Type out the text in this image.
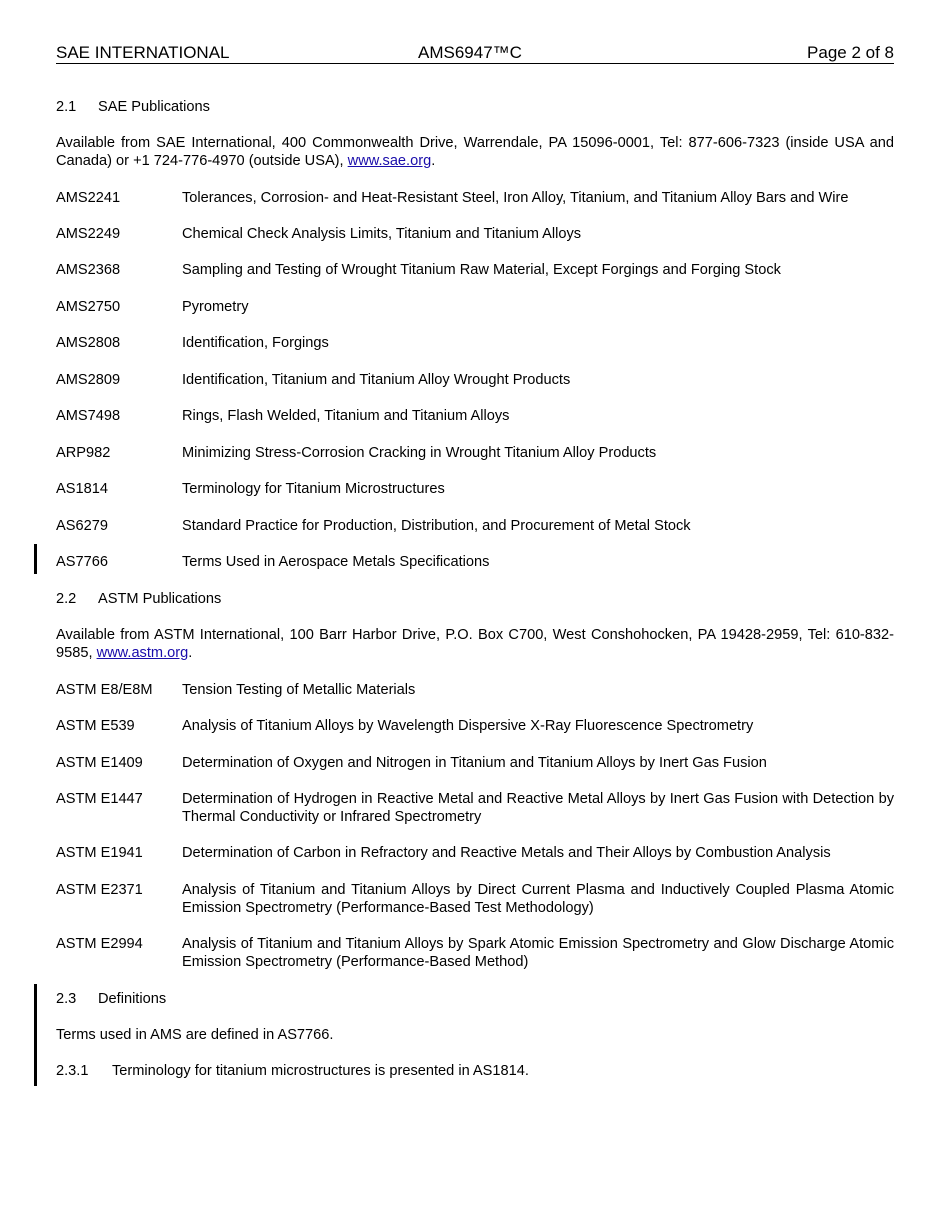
SAE INTERNATIONAL	AMS6947™C	Page 2 of 8
2.1 SAE Publications
Available from SAE International, 400 Commonwealth Drive, Warrendale, PA 15096-0001, Tel: 877-606-7323 (inside USA and Canada) or +1 724-776-4970 (outside USA), www.sae.org.
AMS2241	Tolerances, Corrosion- and Heat-Resistant Steel, Iron Alloy, Titanium, and Titanium Alloy Bars and Wire
AMS2249	Chemical Check Analysis Limits, Titanium and Titanium Alloys
AMS2368	Sampling and Testing of Wrought Titanium Raw Material, Except Forgings and Forging Stock
AMS2750	Pyrometry
AMS2808	Identification, Forgings
AMS2809	Identification, Titanium and Titanium Alloy Wrought Products
AMS7498	Rings, Flash Welded, Titanium and Titanium Alloys
ARP982	Minimizing Stress-Corrosion Cracking in Wrought Titanium Alloy Products
AS1814	Terminology for Titanium Microstructures
AS6279	Standard Practice for Production, Distribution, and Procurement of Metal Stock
AS7766	Terms Used in Aerospace Metals Specifications
2.2 ASTM Publications
Available from ASTM International, 100 Barr Harbor Drive, P.O. Box C700, West Conshohocken, PA 19428-2959, Tel: 610-832-9585, www.astm.org.
ASTM E8/E8M Tension Testing of Metallic Materials
ASTM E539	Analysis of Titanium Alloys by Wavelength Dispersive X-Ray Fluorescence Spectrometry
ASTM E1409	Determination of Oxygen and Nitrogen in Titanium and Titanium Alloys by Inert Gas Fusion
ASTM E1447	Determination of Hydrogen in Reactive Metal and Reactive Metal Alloys by Inert Gas Fusion with Detection by Thermal Conductivity or Infrared Spectrometry
ASTM E1941	Determination of Carbon in Refractory and Reactive Metals and Their Alloys by Combustion Analysis
ASTM E2371	Analysis of Titanium and Titanium Alloys by Direct Current Plasma and Inductively Coupled Plasma Atomic Emission Spectrometry (Performance-Based Test Methodology)
ASTM E2994	Analysis of Titanium and Titanium Alloys by Spark Atomic Emission Spectrometry and Glow Discharge Atomic Emission Spectrometry (Performance-Based Method)
2.3 Definitions
Terms used in AMS are defined in AS7766.
2.3.1 Terminology for titanium microstructures is presented in AS1814.
